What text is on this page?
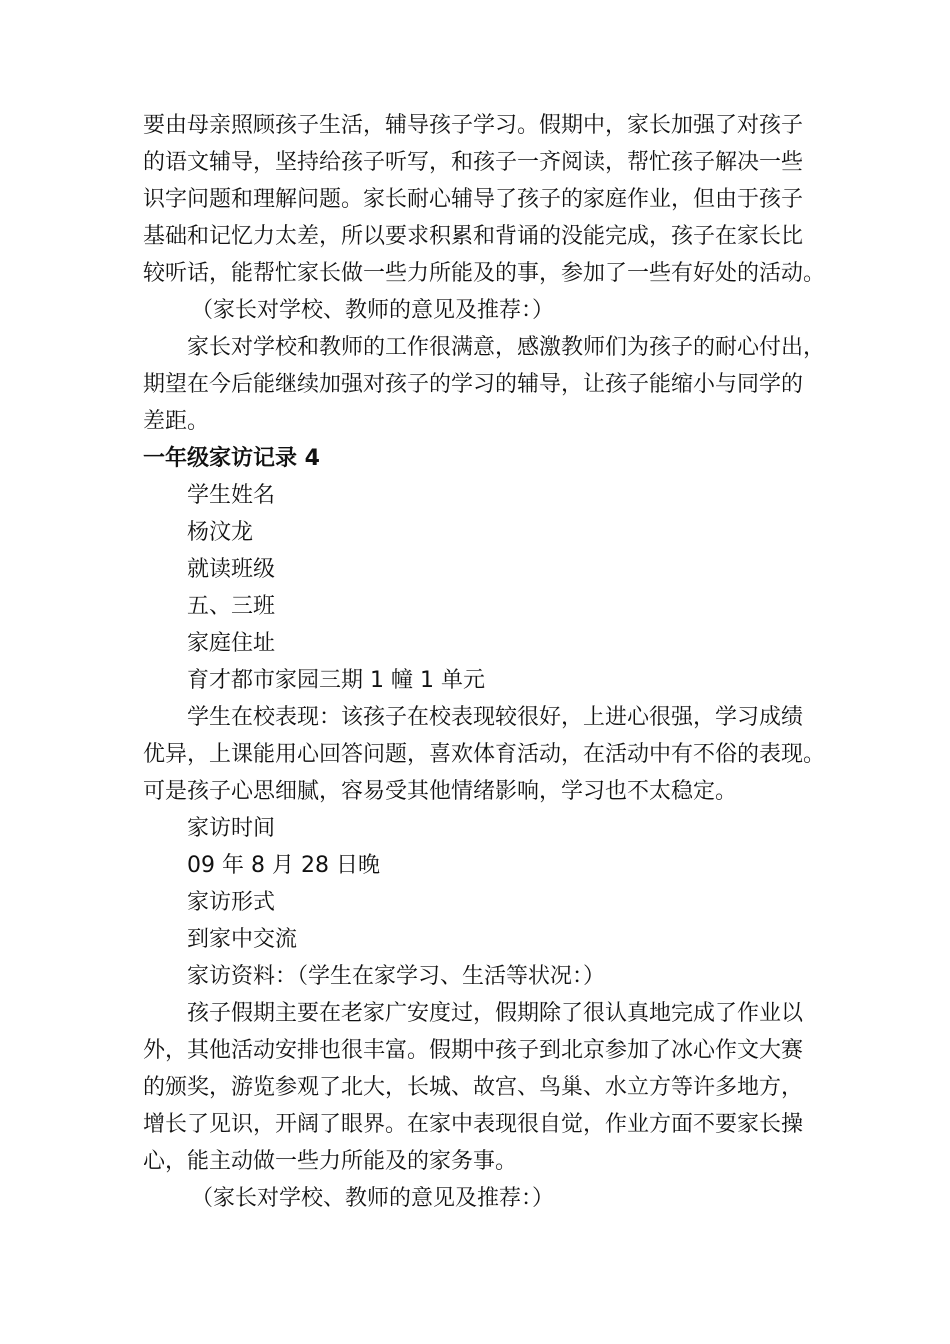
要由母亲照顾孩子生活，辅导孩子学习。假期中，家长加强了对孩子
的语文辅导，坚持给孩子听写，和孩子一齐阅读，帮忙孩子解决一些
识字问题和理解问题。家长耐心辅导了孩子的家庭作业，但由于孩子
基础和记忆力太差，所以要求积累和背诵的没能完成，孩子在家长比
较听话，能帮忙家长做一些力所能及的事，参加了一些有好处的活动。
（家长对学校、教师的意见及推荐：）
家长对学校和教师的工作很满意，感激教师们为孩子的耐心付出，
期望在今后能继续加强对孩子的学习的辅导，让孩子能缩小与同学的
差距。
一年级家访记录 4
学生姓名
杨汶龙
就读班级
五、三班
家庭住址
育才都市家园三期 1 幢 1 单元
学生在校表现：该孩子在校表现较很好，上进心很强，学习成绩
优异，上课能用心回答问题，喜欢体育活动，在活动中有不俗的表现。
可是孩子心思细腻，容易受其他情绪影响，学习也不太稳定。
家访时间
09 年 8 月 28 日晚
家访形式
到家中交流
家访资料：（学生在家学习、生活等状况：）
孩子假期主要在老家广安度过，假期除了很认真地完成了作业以
外，其他活动安排也很丰富。假期中孩子到北京参加了冰心作文大赛
的颁奖，游览参观了北大，长城、故宫、鸟巢、水立方等许多地方，
增长了见识，开阔了眼界。在家中表现很自觉，作业方面不要家长操
心，能主动做一些力所能及的家务事。
（家长对学校、教师的意见及推荐：）
